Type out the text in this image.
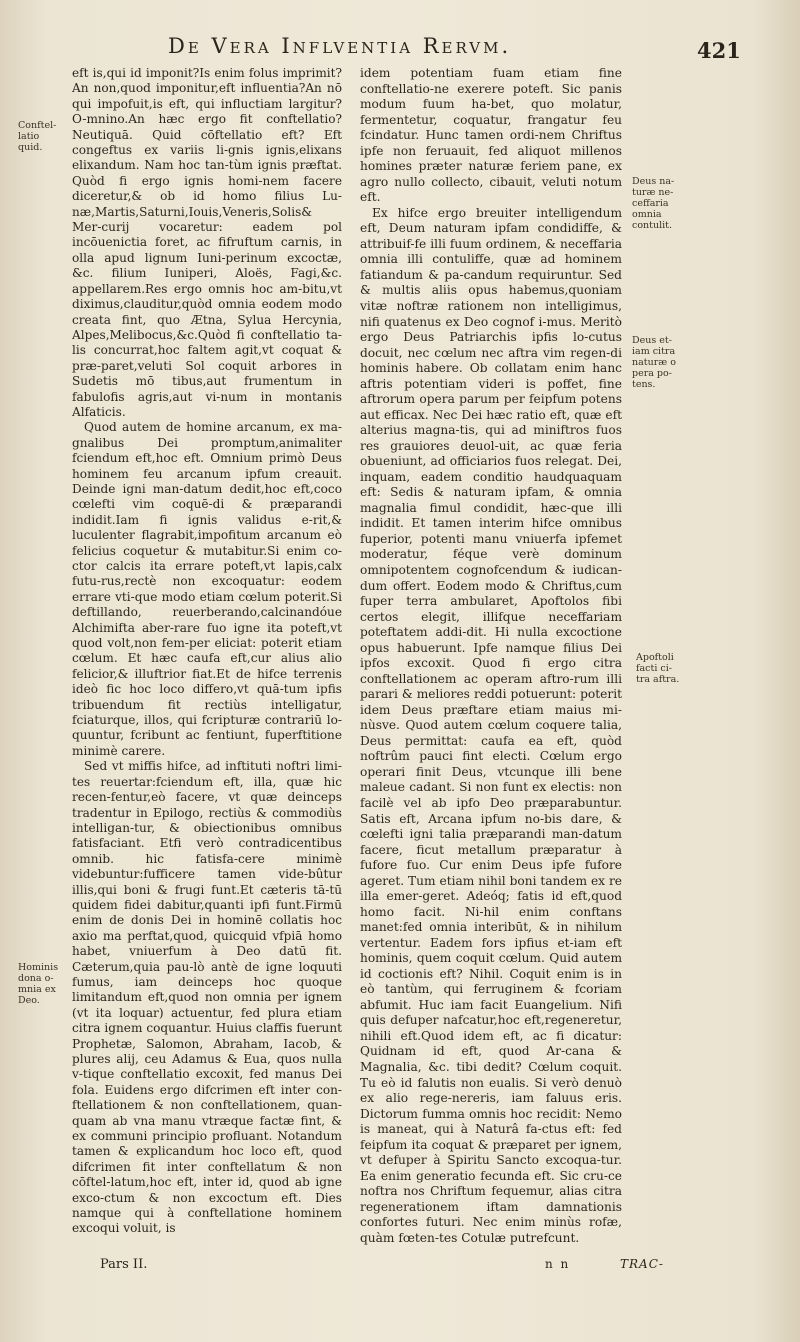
De Vera Inflventia Rervm.	421
Conftel-latio quid.
Hominis dona o-mnia ex Deo.
Deus na-turæ ne-ceffaria omnia contulit.
Deus et-iam citra naturæ o pera po-tens.
Apoftoli facti ci-tra aftra.

eft is,qui id imponit?Is enim folus imprimit? An non,quod imponitur,eft influentia?An nō qui impofuit,is eft, qui influctiam largitur?O-mnino.An hæc ergo fit conftellatio?Neutiquā. Quid cōftellatio eft? Eft congeftus ex variis li-gnis ignis,elixans elixandum. Nam hoc tan-tùm ignis præftat. Quòd fi ergo ignis homi-nem facere diceretur,& ob id homo filius Lu-næ,Martis,Saturni,Iouis,Veneris,Solis& Mer-curij vocaretur: eadem pol incōuenictia foret, ac fifruftum carnis, in olla apud lignum Iuni-perinum excoctæ, &c. filium Iuniperi, Aloës, Fagi,&c. appellarem.Res ergo omnis hoc am-bitu,vt diximus,clauditur,quòd omnia eodem modo creata fint, quo Ætna, Sylua Hercynia, Alpes,Melibocus,&c.Quòd fi conftellatio ta-lis concurrat,hoc faltem agit,vt coquat & præ-paret,veluti Sol coquit arbores in Sudetis mō tibus,aut frumentum in fabulofis agris,aut vi-num in montanis Alfaticis.

Quod autem de homine arcanum, ex ma-gnalibus Dei promptum,animaliter fciendum eft,hoc eft. Omnium primò Deus hominem feu arcanum ipfum creauit. Deinde igni man-datum dedit,hoc eft,coco cœlefti vim coquē-di & præparandi indidit.Iam fi ignis validus e-rit,& luculenter flagrabit,impofitum arcanum eò felicius coquetur & mutabitur.Si enim co-ctor calcis ita errare poteft,vt lapis,calx futu-rus,rectè non excoquatur: eodem errare vti-que modo etiam cœlum poterit.Si deftillando, reuerberando,calcinandóue Alchimifta aber-rare fuo igne ita poteft,vt quod volt,non fem-per eliciat: poterit etiam cœlum. Et hæc caufa eft,cur alius alio felicior,& illuftrior fiat.Et de hifce terrenis ideò fic hoc loco differo,vt quā-tum ipfis tribuendum fit rectiùs intelligatur, fciaturque, illos, qui fcripturæ contrariū lo-quuntur, fcribunt ac fentiunt, fuperftitione minimè carere.

Sed vt miffis hifce, ad inftituti noftri limi-tes reuertar:fciendum eft, illa, quæ hic recen-fentur,eò facere, vt quæ deinceps tradentur in Epilogo, rectiùs & commodiùs intelligan-tur, & obiectionibus omnibus fatisfaciant. Etfi verò contradicentibus omnib. hic fatisfa-cere minimè videbuntur:fufficere tamen vide-bûtur illis,qui boni & frugi funt.Et cæteris tā-tū quidem fidei dabitur,quanti ipfi funt.Firmū enim de donis Dei in hominē collatis hoc axio ma perftat,quod, quicquid vfpiā homo habet, vniuerfum à Deo datū fit. Cæterum,quia pau-lò antè de igne loquuti fumus, iam deinceps hoc quoque limitandum eft,quod non omnia per ignem (vt ita loquar) actuentur, fed plura etiam citra ignem coquantur. Huius claffis fuerunt Prophetæ, Salomon, Abraham, Iacob, & plures alij, ceu Adamus & Eua, quos nulla v-tique conftellatio excoxit, fed manus Dei fola. Euidens ergo difcrimen eft inter con-ftellationem & non conftellationem, quan-quam ab vna manu vtræque factæ fint, & ex communi principio profluant. Notandum tamen & explicandum hoc loco eft, quod difcrimen fit inter conftellatum & non cōftel-latum,hoc eft, inter id, quod ab igne exco-ctum & non excoctum eft. Dies namque qui à conftellatione hominem excoqui voluit, is

idem potentiam fuam etiam fine conftellatio-ne exerere poteft. Sic panis modum fuum ha-bet, quo molatur, fermentetur, coquatur, frangatur feu fcindatur. Hunc tamen ordi-nem Chriftus ipfe non feruauit, fed aliquot millenos homines præter naturæ feriem pane, ex agro nullo collecto, cibauit, veluti notum eft.

Ex hifce ergo breuiter intelligendum eft, Deum naturam ipfam condidiffe, & attribuif-fe illi fuum ordinem, & neceffaria omnia illi contuliffe, quæ ad hominem fatiandum & pa-candum requiruntur. Sed & multis aliis opus habemus,quoniam vitæ noftræ rationem non intelligimus, nifi quatenus ex Deo cognof i-mus. Meritò ergo Deus Patriarchis ipfis lo-cutus docuit, nec cœlum nec aftra vim regen-di hominis habere. Ob collatam enim hanc aftris potentiam videri is poffet, fine aftrorum opera parum per feipfum potens aut efficax. Nec Dei hæc ratio eft, quæ eft alterius magna-tis, qui ad miniftros fuos res grauiores deuol-uit, ac quæ feria obueniunt, ad officiarios fuos relegat. Dei, inquam, eadem conditio haudquaquam eft: Sedis & naturam ipfam, & omnia magnalia fimul condidit, hæc-que illi indidit. Et tamen interim hifce omnibus fuperior, potenti manu vniuerfa ipfemet moderatur, féque verè dominum omnipotentem cognofcendum & iudican-dum offert. Eodem modo & Chriftus,cum fuper terra ambularet, Apoftolos fibi certos elegit, illifque neceffariam poteftatem addi-dit. Hi nulla excoctione opus habuerunt. Ipfe namque filius Dei ipfos excoxit. Quod fi ergo citra conftellationem ac operam aftro-rum illi parari & meliores reddi potuerunt: poterit idem Deus præftare etiam maius mi-nùsve. Quod autem cœlum coquere talia, Deus permittat: caufa ea eft, quòd noftrûm pauci fint electi. Cœlum ergo operari finit Deus, vtcunque illi bene maleue cadant. Si non funt ex electis: non facilè vel ab ipfo Deo præparabuntur. Satis eft, Arcana ipfum no-bis dare, & cœlefti igni talia præparandi man-datum facere, ficut metallum præparatur à fufore fuo. Cur enim Deus ipfe fufore ageret. Tum etiam nihil boni tandem ex re illa emer-geret. Adeóq; fatis id eft,quod homo facit. Ni-hil enim conftans manet:fed omnia interibūt, & in nihilum vertentur. Eadem fors ipfius et-iam eft hominis, quem coquit cœlum. Quid autem id coctionis eft? Nihil. Coquit enim is in eò tantùm, qui ferruginem & fcoriam abfumit. Huc iam facit Euangelium. Nifi quis defuper nafcatur,hoc eft,regeneretur, nihili eft.Quod idem eft, ac fi dicatur: Quidnam id eft, quod Ar-cana & Magnalia, &c. tibi dedit? Cœlum coquit. Tu eò id falutis non eualis. Si verò denuò ex alio rege-nereris, iam faluus eris. Dictorum fumma omnis hoc recidit: Nemo is maneat, qui à Naturâ fa-ctus eft: fed feipfum ita coquat & præparet per ignem, vt defuper à Spiritu Sancto excoqua-tur. Ea enim generatio fecunda eft. Sic cru-ce noftra nos Chriftum fequemur, alias citra regenerationem iftam damnationis confortes futuri. Nec enim minùs rofæ, quàm fœten-tes Cotulæ putrefcunt.

Pars II.	n n	TRAC-
